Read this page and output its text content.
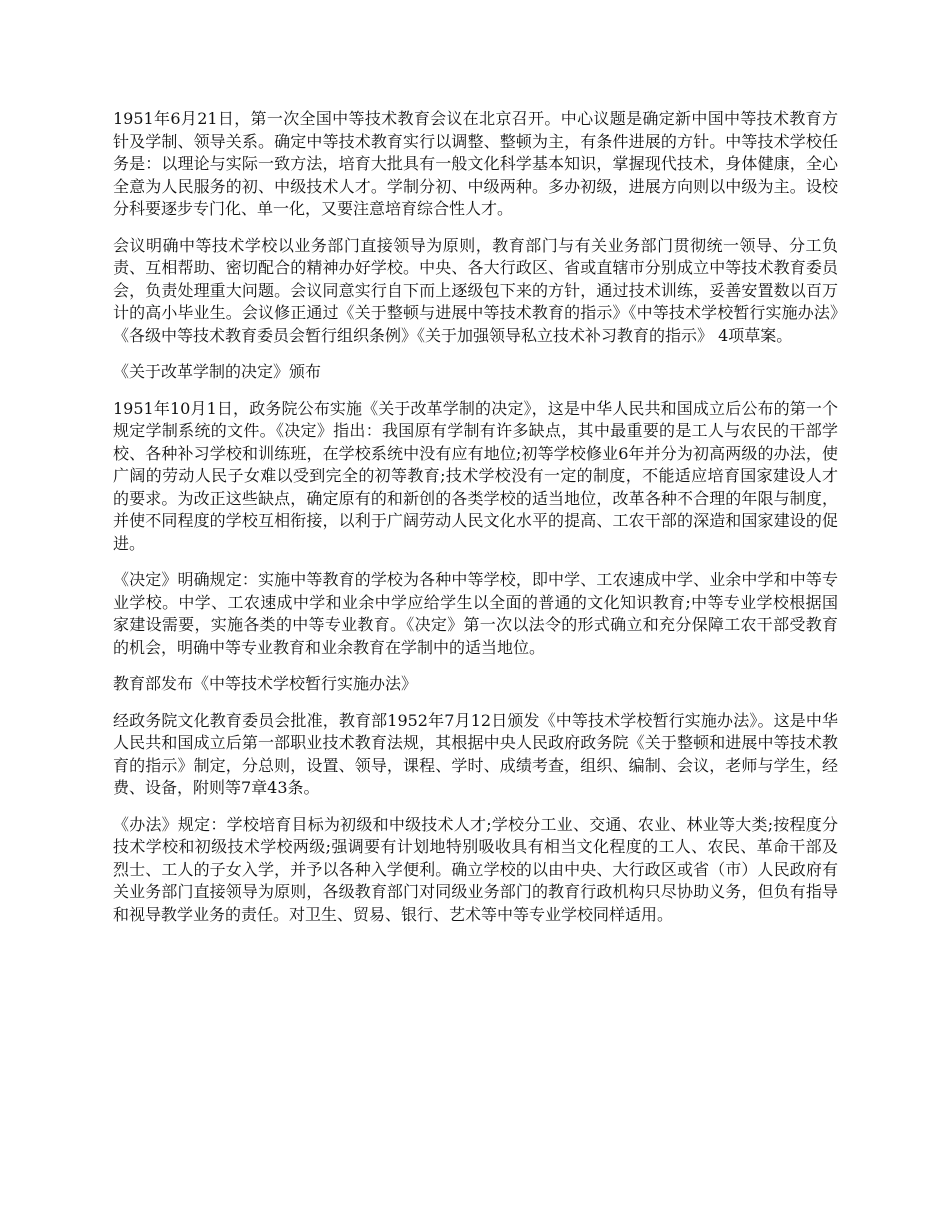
1951年6月21日，第一次全国中等技术教育会议在北京召开。中心议题是确定新中国中等技术教育方针及学制、领导关系。确定中等技术教育实行以调整、整顿为主，有条件进展的方针。中等技术学校任务是：以理论与实际一致方法，培育大批具有一般文化科学基本知识，掌握现代技术，身体健康，全心全意为人民服务的初、中级技术人才。学制分初、中级两种。多办初级，进展方向则以中级为主。设校分科要逐步专门化、单一化，又要注意培育综合性人才。

会议明确中等技术学校以业务部门直接领导为原则，教育部门与有关业务部门贯彻统一领导、分工负责、互相帮助、密切配合的精神办好学校。中央、各大行政区、省或直辖市分别成立中等技术教育委员会，负责处理重大问题。会议同意实行自下而上逐级包下来的方针，通过技术训练，妥善安置数以百万计的高小毕业生。会议修正通过《关于整顿与进展中等技术教育的指示》《中等技术学校暂行实施办法》《各级中等技术教育委员会暂行组织条例》《关于加强领导私立技术补习教育的指示》 4项草案。

《关于改革学制的决定》颁布

1951年10月1日，政务院公布实施《关于改革学制的决定》，这是中华人民共和国成立后公布的第一个规定学制系统的文件。《决定》指出：我国原有学制有许多缺点，其中最重要的是工人与农民的干部学校、各种补习学校和训练班，在学校系统中没有应有地位;初等学校修业6年并分为初高两级的办法，使广阔的劳动人民子女难以受到完全的初等教育;技术学校没有一定的制度，不能适应培育国家建设人才的要求。为改正这些缺点，确定原有的和新创的各类学校的适当地位，改革各种不合理的年限与制度，并使不同程度的学校互相衔接，以利于广阔劳动人民文化水平的提高、工农干部的深造和国家建设的促进。

《决定》明确规定：实施中等教育的学校为各种中等学校，即中学、工农速成中学、业余中学和中等专业学校。中学、工农速成中学和业余中学应给学生以全面的普通的文化知识教育;中等专业学校根据国家建设需要，实施各类的中等专业教育。《决定》第一次以法令的形式确立和充分保障工农干部受教育的机会，明确中等专业教育和业余教育在学制中的适当地位。

教育部发布《中等技术学校暂行实施办法》

经政务院文化教育委员会批准，教育部1952年7月12日颁发《中等技术学校暂行实施办法》。这是中华人民共和国成立后第一部职业技术教育法规，其根据中央人民政府政务院《关于整顿和进展中等技术教育的指示》制定，分总则，设置、领导，课程、学时、成绩考查，组织、编制、会议，老师与学生，经费、设备，附则等7章43条。

《办法》规定：学校培育目标为初级和中级技术人才;学校分工业、交通、农业、林业等大类;按程度分技术学校和初级技术学校两级;强调要有计划地特别吸收具有相当文化程度的工人、农民、革命干部及烈士、工人的子女入学，并予以各种入学便利。确立学校的以由中央、大行政区或省（市）人民政府有关业务部门直接领导为原则，各级教育部门对同级业务部门的教育行政机构只尽协助义务，但负有指导和视导教学业务的责任。对卫生、贸易、银行、艺术等中等专业学校同样适用。
